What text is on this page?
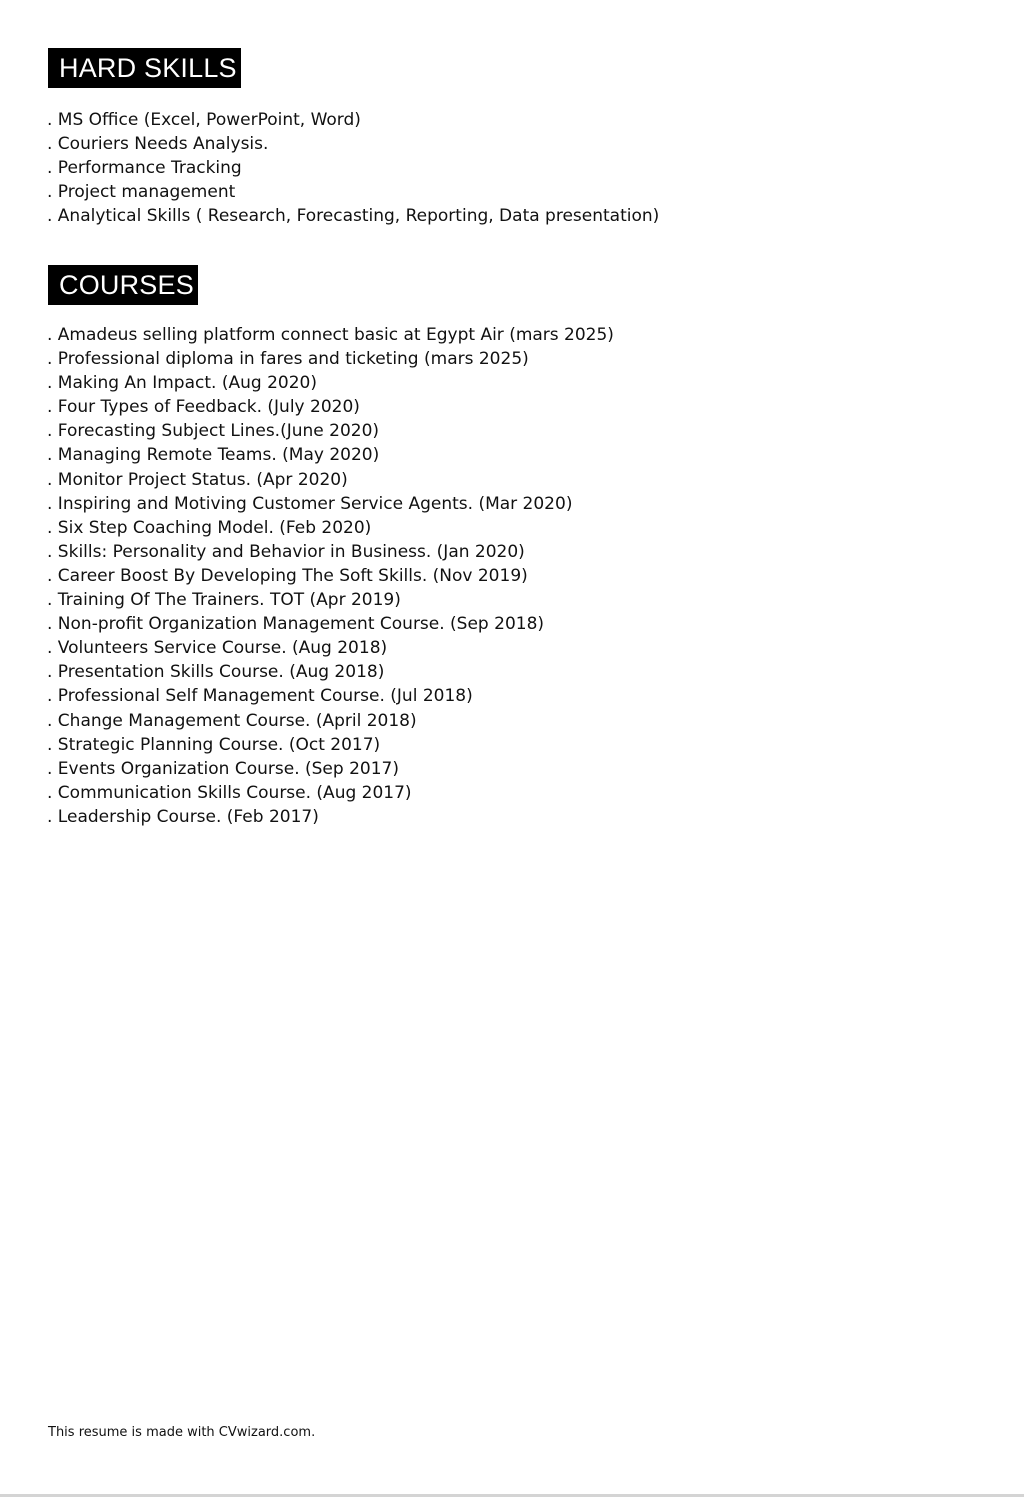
HARD SKILLS
. MS Office (Excel, PowerPoint, Word)
. Couriers Needs Analysis.
. Performance Tracking
. Project management
. Analytical Skills ( Research, Forecasting, Reporting, Data presentation)
COURSES
. Amadeus selling platform connect basic at Egypt Air (mars 2025)
. Professional diploma in fares and ticketing (mars 2025)
. Making An Impact. (Aug 2020)
. Four Types of Feedback. (July 2020)
. Forecasting Subject Lines.(June 2020)
. Managing Remote Teams. (May 2020)
. Monitor Project Status. (Apr 2020)
. Inspiring and Motiving Customer Service Agents. (Mar 2020)
. Six Step Coaching Model. (Feb 2020)
. Skills: Personality and Behavior in Business. (Jan 2020)
. Career Boost By Developing The Soft Skills. (Nov 2019)
. Training Of The Trainers. TOT (Apr 2019)
. Non-profit Organization Management Course. (Sep 2018)
. Volunteers Service Course. (Aug 2018)
. Presentation Skills Course. (Aug 2018)
. Professional Self Management Course. (Jul 2018)
. Change Management Course. (April 2018)
. Strategic Planning Course. (Oct 2017)
. Events Organization Course. (Sep 2017)
. Communication Skills Course. (Aug 2017)
. Leadership Course. (Feb 2017)
This resume is made with CVwizard.com.
